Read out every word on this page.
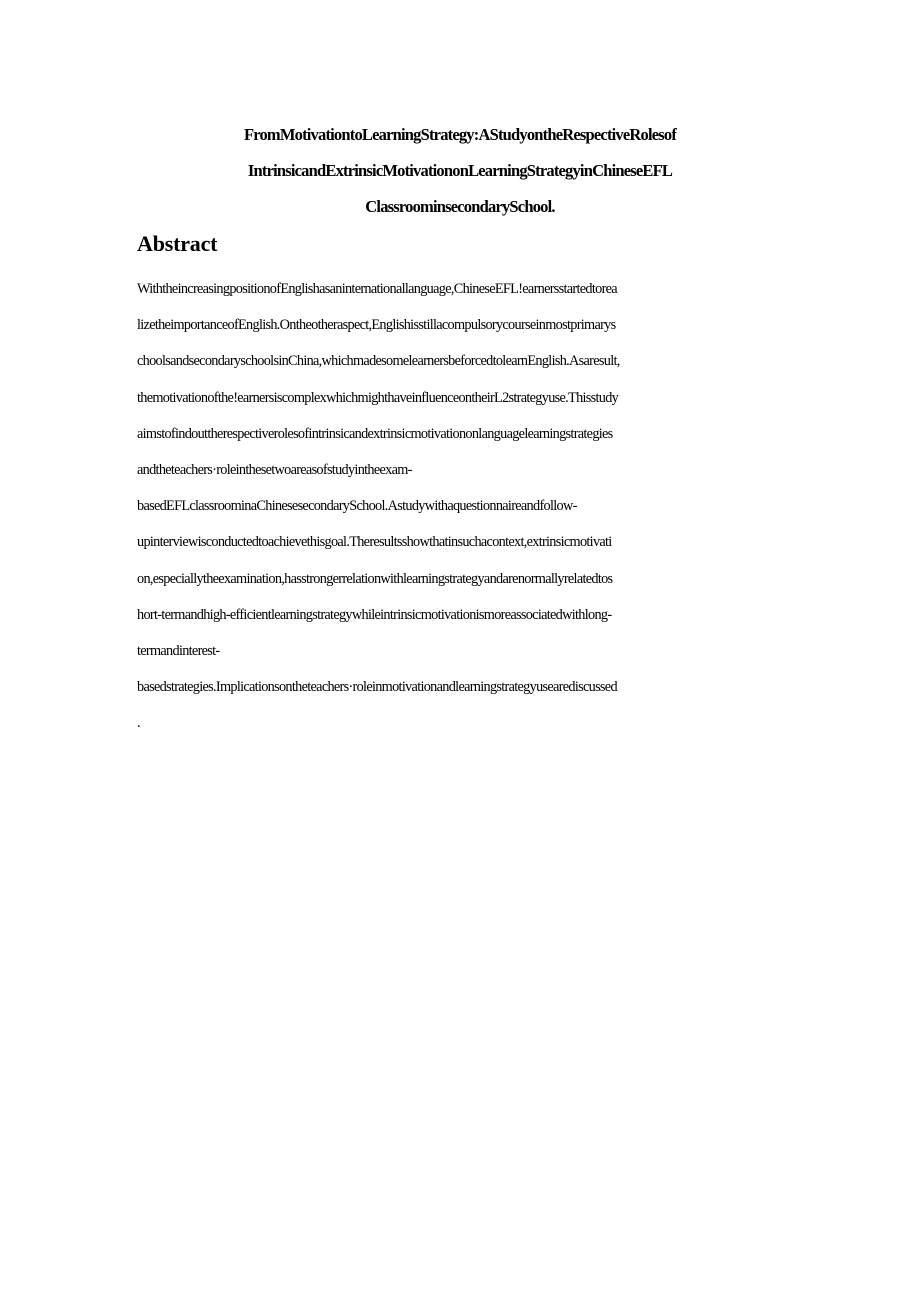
FromMotivationtoLearningStrategy:AStudyontheRespectiveRolesof
IntrinsicandExtrinsicMotivationonLearningStrategyinChineseEFL
ClassroominsecondarySchool.
Abstract
WiththeincreasingpositionofEnglishasaninternationallanguage,ChineseEFL!earnersstartedtorea
lizetheimportanceofEnglish.Ontheotheraspect,Englishisstillacompulsorycourseinmostprimarys
choolsandsecondaryschoolsinChina,whichmadesomelearnersbeforcedtolearnEnglish.Asaresult,
themotivationofthe!earnersiscomplexwhichmighthaveinfluenceontheirL2strategyuse.Thisstudy
aimstofindouttherespectiverolesofintrinsicandextrinsicmotivationonlanguagelearningstrategies
andtheteachers·roleinthesetwoareasofstudyintheexam-
basedEFLclassroominaChinesesecondarySchool.Astudywithaquestionnaireandfollow-
upinterviewisconductedtoachievethisgoal.Theresultsshowthatinsuchacontext,extrinsicmotivati
on,especiallytheexamination,hasstrongerrelationwithlearningstrategyandarenormallyrelatedtos
hort-termandhigh-efficientlearningstrategywhileintrinsicmotivationismoreassociatedwithlong-
termandinterest-
basedstrategies.Implicationsontheteachers·roleinmotivationandlearningstrategyusearediscussed
.
